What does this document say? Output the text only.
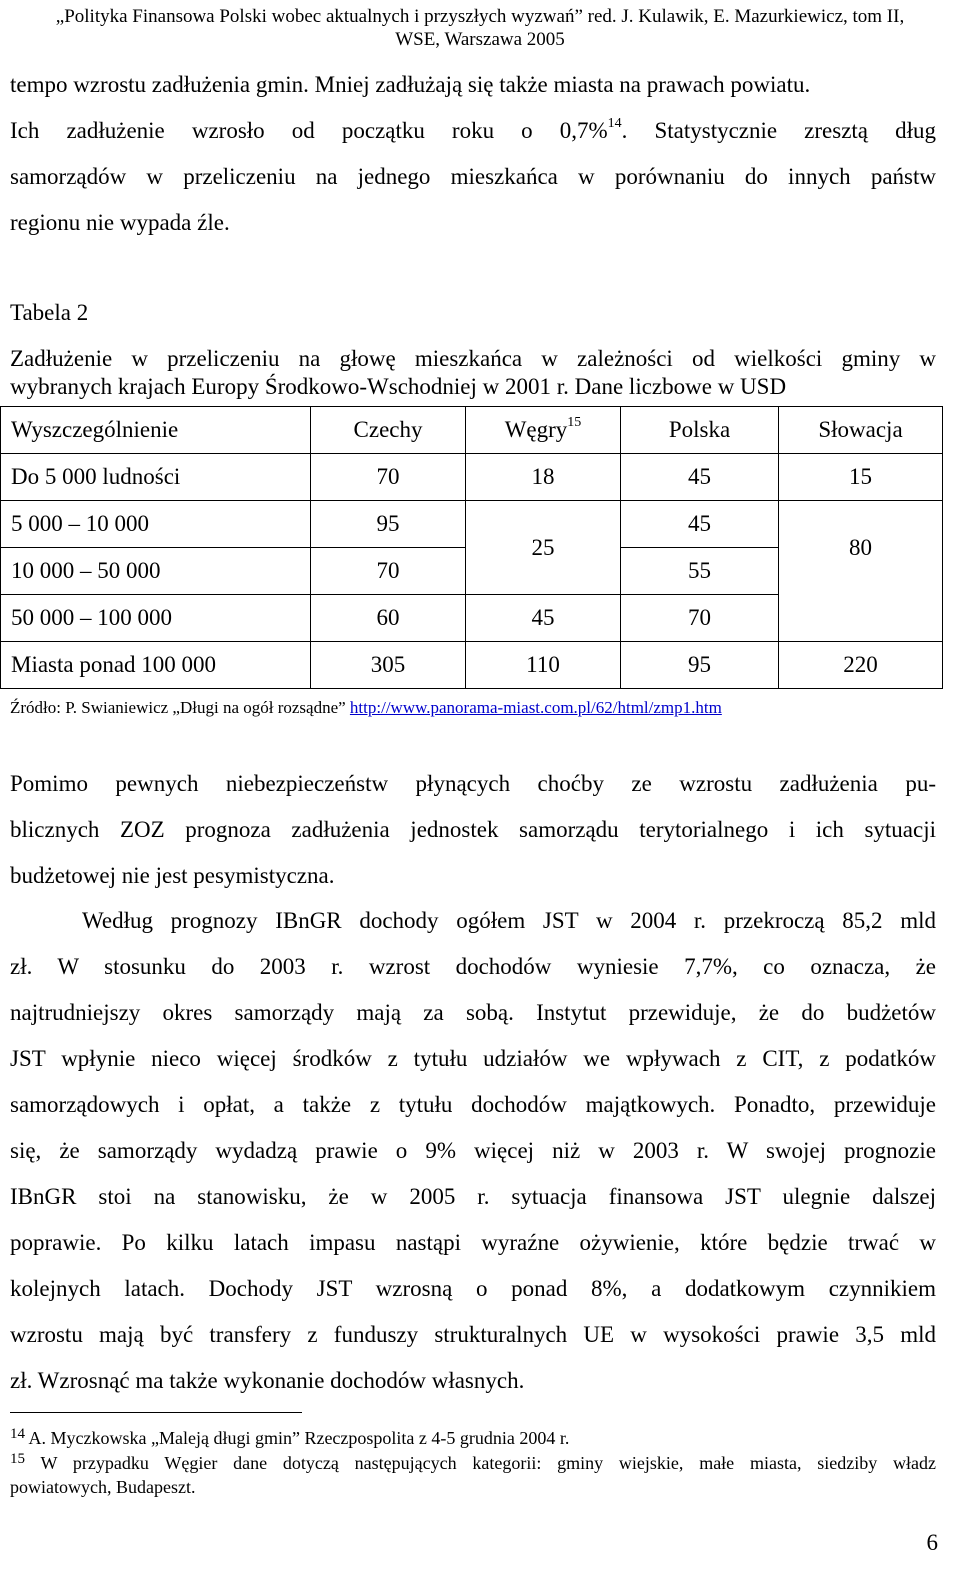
„Polityka Finansowa Polski wobec aktualnych i przyszłych wyzwań” red. J. Kulawik, E. Mazurkiewicz, tom II,
WSE, Warszawa 2005
tempo wzrostu zadłużenia gmin. Mniej zadłużają się także miasta na prawach powiatu.
Ich zadłużenie wzrosło od początku roku o 0,7%$^{14}$. Statystycznie zresztą dług
samorządów w przeliczeniu na jednego mieszkańca w porównaniu do innych państw
regionu nie wypada źle.
Tabela 2
Zadłużenie w przeliczeniu na głowę mieszkańca w zależności od wielkości gminy w
wybranych krajach Europy Środkowo-Wschodniej w 2001 r. Dane liczbowe w USD
Wyszczególnienie	Czechy	Węgry$^{15}$	Polska	Słowacja
Do 5 000 ludności	70	18	45	15
5 000 – 10 000	95	25	45	80
10 000 – 50 000	70		55	
50 000 – 100 000	60	45	70	
Miasta ponad 100 000	305	110	95	220
Źródło: P. Swianiewicz „Długi na ogół rozsądne” http://www.panorama-miast.com.pl/62/html/zmp1.htm
Pomimo pewnych niebezpieczeństw płynących choćby ze wzrostu zadłużenia pu-
blicznych ZOZ prognoza zadłużenia jednostek samorządu terytorialnego i ich sytuacji
budżetowej nie jest pesymistyczna.
Według prognozy IBnGR dochody ogółem JST w 2004 r. przekroczą 85,2 mld
zł. W stosunku do 2003 r. wzrost dochodów wyniesie 7,7%, co oznacza, że
najtrudniejszy okres samorządy mają za sobą. Instytut przewiduje, że do budżetów
JST wpłynie nieco więcej środków z tytułu udziałów we wpływach z CIT, z podatków
samorządowych i opłat, a także z tytułu dochodów majątkowych. Ponadto, przewiduje
się, że samorządy wydadzą prawie o 9% więcej niż w 2003 r. W swojej prognozie
IBnGR stoi na stanowisku, że w 2005 r. sytuacja finansowa JST ulegnie dalszej
poprawie. Po kilku latach impasu nastąpi wyraźne ożywienie, które będzie trwać w
kolejnych latach. Dochody JST wzrosną o ponad 8%, a dodatkowym czynnikiem
wzrostu mają być transfery z funduszy strukturalnych UE w wysokości prawie 3,5 mld
zł. Wzrosnąć ma także wykonanie dochodów własnych.
$^{14}$ A. Myczkowska „Maleją długi gmin” Rzeczpospolita z 4-5 grudnia 2004 r.
$^{15}$ W przypadku Węgier dane dotyczą następujących kategorii: gminy wiejskie, małe miasta, siedziby władz
powiatowych, Budapeszt.
6
